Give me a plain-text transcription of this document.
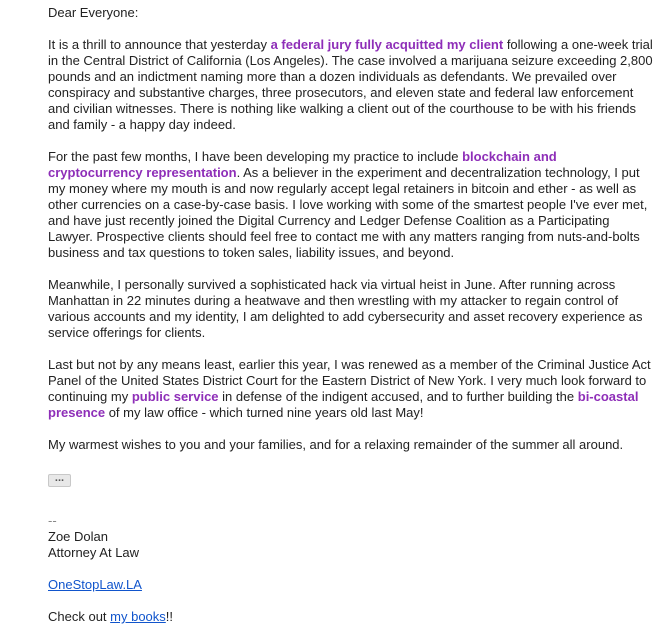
Dear Everyone:

It is a thrill to announce that yesterday a federal jury fully acquitted my client following a one-week trial in the Central District of California (Los Angeles). The case involved a marijuana seizure exceeding 2,800 pounds and an indictment naming more than a dozen individuals as defendants. We prevailed over conspiracy and substantive charges, three prosecutors, and eleven state and federal law enforcement and civilian witnesses. There is nothing like walking a client out of the courthouse to be with his friends and family - a happy day indeed.

For the past few months, I have been developing my practice to include blockchain and cryptocurrency representation. As a believer in the experiment and decentralization technology, I put my money where my mouth is and now regularly accept legal retainers in bitcoin and ether - as well as other currencies on a case-by-case basis. I love working with some of the smartest people I've ever met, and have just recently joined the Digital Currency and Ledger Defense Coalition as a Participating Lawyer. Prospective clients should feel free to contact me with any matters ranging from nuts-and-bolts business and tax questions to token sales, liability issues, and beyond.

Meanwhile, I personally survived a sophisticated hack via virtual heist in June. After running across Manhattan in 22 minutes during a heatwave and then wrestling with my attacker to regain control of various accounts and my identity, I am delighted to add cybersecurity and asset recovery experience as service offerings for clients.

Last but not by any means least, earlier this year, I was renewed as a member of the Criminal Justice Act Panel of the United States District Court for the Eastern District of New York. I very much look forward to continuing my public service in defense of the indigent accused, and to further building the bi-coastal presence of my law office - which turned nine years old last May!

My warmest wishes to you and your families, and for a relaxing remainder of the summer all around.

...
--
Zoe Dolan
Attorney At Law
OneStopLaw.LA
Check out my books!!
